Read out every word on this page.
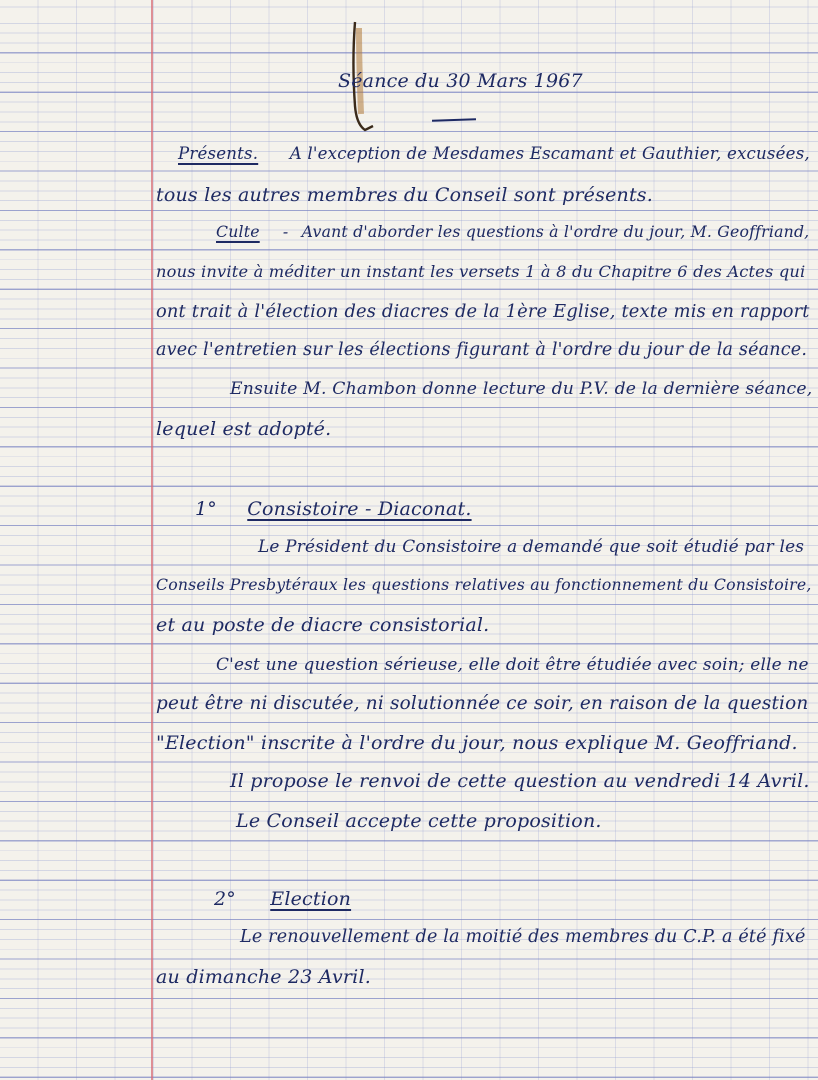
Séance du 30 Mars 1967
Présents. A l'exception de Mesdames Escamant et Gauthier, excusées,
tous les autres membres du Conseil sont présents.
Culte - Avant d'aborder les questions à l'ordre du jour, M. Geoffriand,
nous invite à méditer un instant les versets 1 à 8 du Chapitre 6 des Actes qui
ont trait à l'élection des diacres de la 1ère Eglise, texte mis en rapport
avec l'entretien sur les élections figurant à l'ordre du jour de la séance.
Ensuite M. Chambon donne lecture du P.V. de la dernière séance,
lequel est adopté.
1° Consistoire - Diaconat.
Le Président du Consistoire a demandé que soit étudié par les
Conseils Presbytéraux les questions relatives au fonctionnement du Consistoire,
et au poste de diacre consistorial.
C'est une question sérieuse, elle doit être étudiée avec soin; elle ne
peut être ni discutée, ni solutionnée ce soir, en raison de la question
"Election" inscrite à l'ordre du jour, nous explique M. Geoffriand.
Il propose le renvoi de cette question au vendredi 14 Avril.
Le Conseil accepte cette proposition.
2° Election
Le renouvellement de la moitié des membres du C.P. a été fixé
au dimanche 23 Avril.
